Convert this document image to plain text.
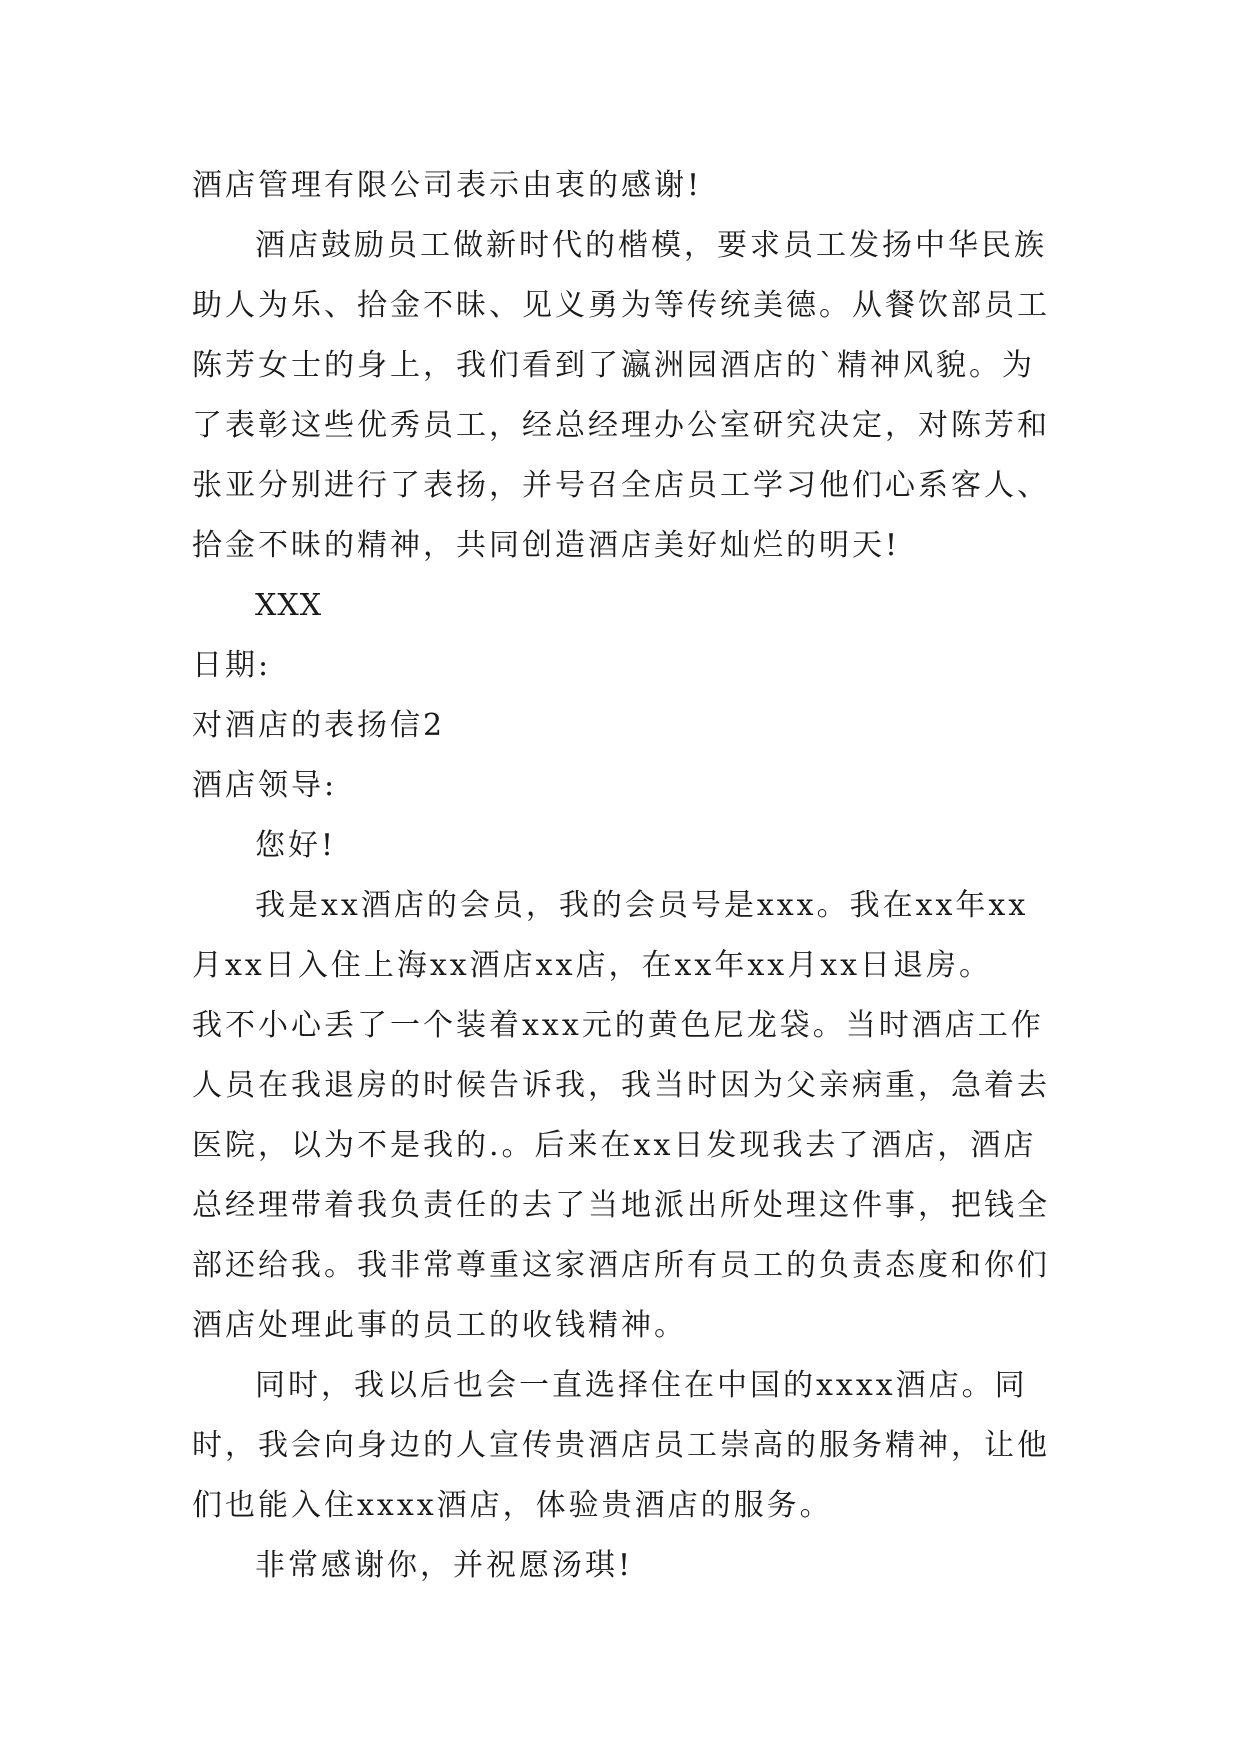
酒店管理有限公司表示由衷的感谢!

酒店鼓励员工做新时代的楷模，要求员工发扬中华民族

助人为乐、拾金不昧、见义勇为等传统美德。从餐饮部员工

陈芳女士的身上，我们看到了瀛洲园酒店的`精神风貌。为

了表彰这些优秀员工，经总经理办公室研究决定，对陈芳和

张亚分别进行了表扬，并号召全店员工学习他们心系客人、

拾金不昧的精神，共同创造酒店美好灿烂的明天!

XXX

日期:

对酒店的表扬信2

酒店领导:

您好!

我是xx酒店的会员，我的会员号是xxx。我在xx年xx

月xx日入住上海xx酒店xx店，在xx年xx月xx日退房。

我不小心丢了一个装着xxx元的黄色尼龙袋。当时酒店工作

人员在我退房的时候告诉我，我当时因为父亲病重，急着去

医院，以为不是我的.。后来在xx日发现我去了酒店，酒店

总经理带着我负责任的去了当地派出所处理这件事，把钱全

部还给我。我非常尊重这家酒店所有员工的负责态度和你们

酒店处理此事的员工的收钱精神。

同时，我以后也会一直选择住在中国的xxxx酒店。同

时，我会向身边的人宣传贵酒店员工崇高的服务精神，让他

们也能入住xxxx酒店，体验贵酒店的服务。

非常感谢你，并祝愿汤琪!
